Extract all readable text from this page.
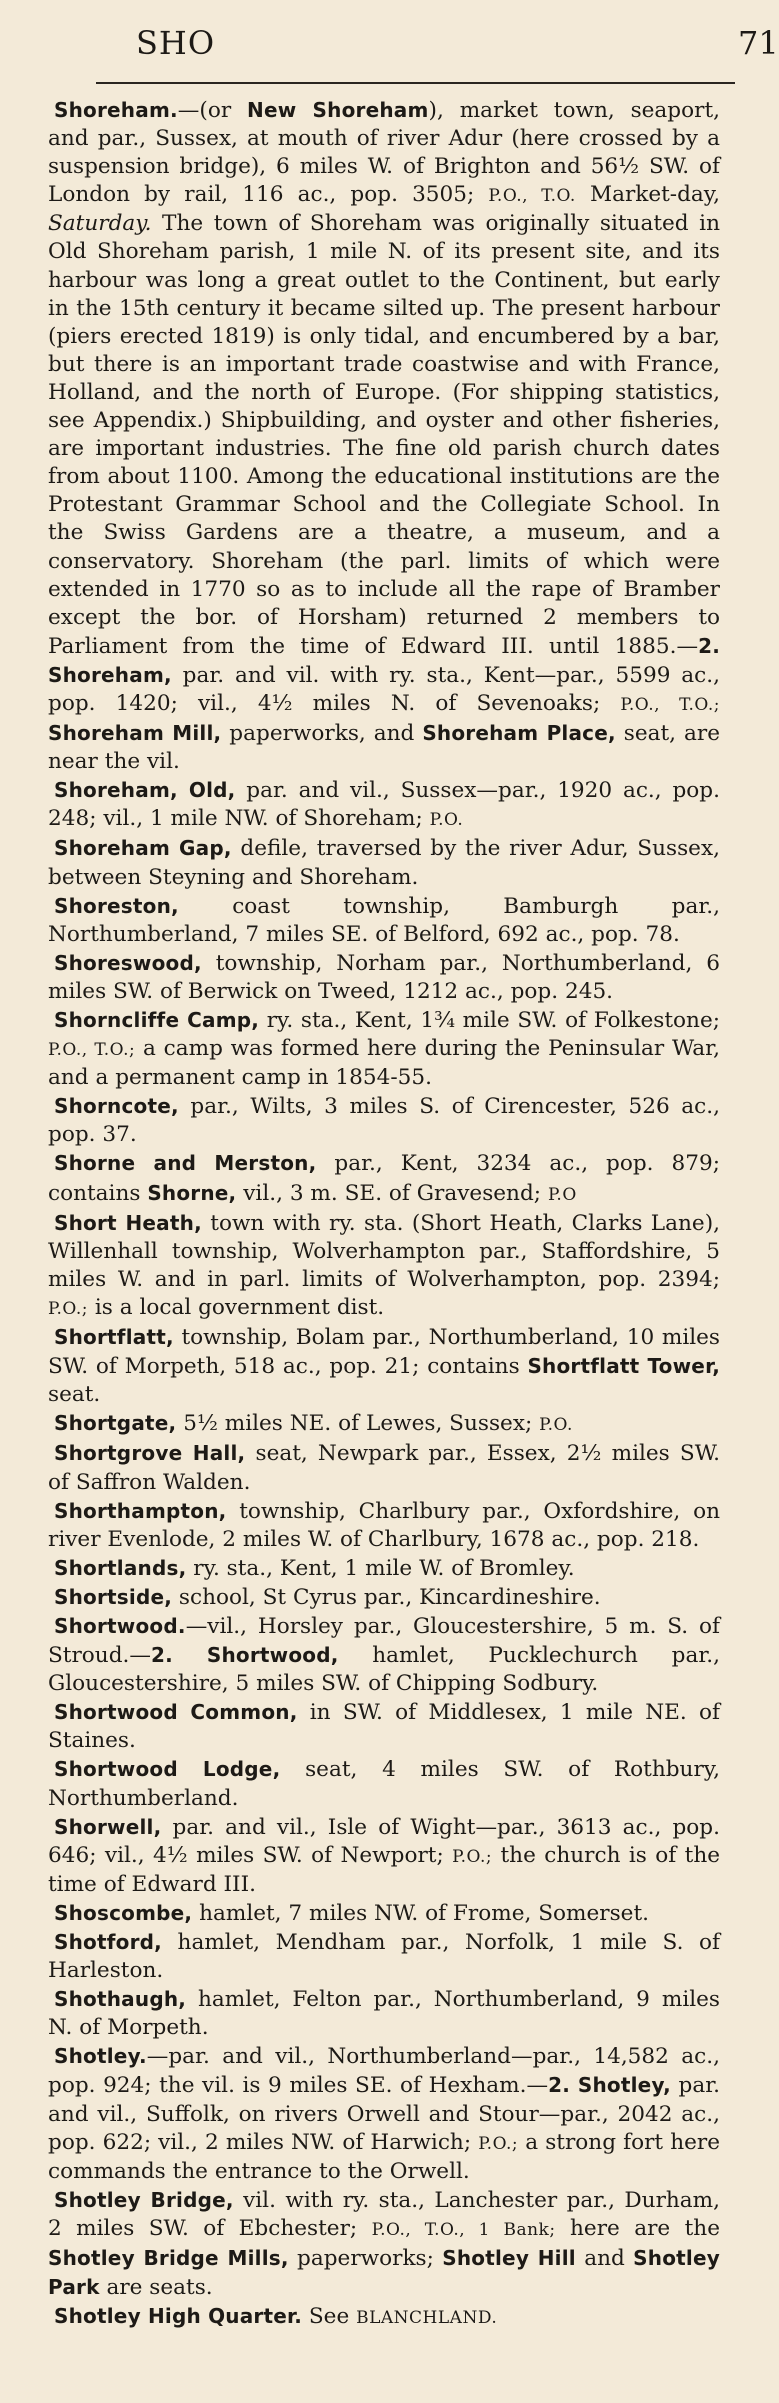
SHO	71

Shoreham.—(or New Shoreham), market town, seaport, and par., Sussex, at mouth of river Adur (here crossed by a suspension bridge), 6 miles W. of Brighton and 56½ SW. of London by rail, 116 ac., pop. 3505; P.O., T.O. Market-day, Saturday. The town of Shoreham was originally situated in Old Shoreham parish, 1 mile N. of its present site, and its harbour was long a great outlet to the Continent, but early in the 15th century it became silted up. The present harbour (piers erected 1819) is only tidal, and encumbered by a bar, but there is an important trade coastwise and with France, Holland, and the north of Europe. (For shipping statistics, see Appendix.) Shipbuilding, and oyster and other fisheries, are important industries. The fine old parish church dates from about 1100. Among the educational institutions are the Protestant Grammar School and the Collegiate School. In the Swiss Gardens are a theatre, a museum, and a conservatory. Shoreham (the parl. limits of which were extended in 1770 so as to include all the rape of Bramber except the bor. of Horsham) returned 2 members to Parliament from the time of Edward III. until 1885.—2. Shoreham, par. and vil. with ry. sta., Kent—par., 5599 ac., pop. 1420; vil., 4½ miles N. of Sevenoaks; P.O., T.O.; Shoreham Mill, paperworks, and Shoreham Place, seat, are near the vil.

Shoreham, Old, par. and vil., Sussex—par., 1920 ac., pop. 248; vil., 1 mile NW. of Shoreham; P.O.

Shoreham Gap, defile, traversed by the river Adur, Sussex, between Steyning and Shoreham.

Shoreston, coast township, Bamburgh par., Northumberland, 7 miles SE. of Belford, 692 ac., pop. 78.

Shoreswood, township, Norham par., Northumberland, 6 miles SW. of Berwick on Tweed, 1212 ac., pop. 245.

Shorncliffe Camp, ry. sta., Kent, 1¾ mile SW. of Folkestone; P.O., T.O.; a camp was formed here during the Peninsular War, and a permanent camp in 1854-55.

Shorncote, par., Wilts, 3 miles S. of Cirencester, 526 ac., pop. 37.

Shorne and Merston, par., Kent, 3234 ac., pop. 879; contains Shorne, vil., 3 m. SE. of Gravesend; P.O

Short Heath, town with ry. sta. (Short Heath, Clarks Lane), Willenhall township, Wolverhampton par., Staffordshire, 5 miles W. and in parl. limits of Wolverhampton, pop. 2394; P.O.; is a local government dist.

Shortflatt, township, Bolam par., Northumberland, 10 miles SW. of Morpeth, 518 ac., pop. 21; contains Shortflatt Tower, seat.

Shortgate, 5½ miles NE. of Lewes, Sussex; P.O.

Shortgrove Hall, seat, Newpark par., Essex, 2½ miles SW. of Saffron Walden.

Shorthampton, township, Charlbury par., Oxfordshire, on river Evenlode, 2 miles W. of Charlbury, 1678 ac., pop. 218.

Shortlands, ry. sta., Kent, 1 mile W. of Bromley.

Shortside, school, St Cyrus par., Kincardineshire.

Shortwood.—vil., Horsley par., Gloucestershire, 5 m. S. of Stroud.—2. Shortwood, hamlet, Pucklechurch par., Gloucestershire, 5 miles SW. of Chipping Sodbury.

Shortwood Common, in SW. of Middlesex, 1 mile NE. of Staines.

Shortwood Lodge, seat, 4 miles SW. of Rothbury, Northumberland.

Shorwell, par. and vil., Isle of Wight—par., 3613 ac., pop. 646; vil., 4½ miles SW. of Newport; P.O.; the church is of the time of Edward III.

Shoscombe, hamlet, 7 miles NW. of Frome, Somerset.

Shotford, hamlet, Mendham par., Norfolk, 1 mile S. of Harleston.

Shothaugh, hamlet, Felton par., Northumberland, 9 miles N. of Morpeth.

Shotley.—par. and vil., Northumberland—par., 14,582 ac., pop. 924; the vil. is 9 miles SE. of Hexham.—2. Shotley, par. and vil., Suffolk, on rivers Orwell and Stour—par., 2042 ac., pop. 622; vil., 2 miles NW. of Harwich; P.O.; a strong fort here commands the entrance to the Orwell.

Shotley Bridge, vil. with ry. sta., Lanchester par., Durham, 2 miles SW. of Ebchester; P.O., T.O., 1 Bank; here are the Shotley Bridge Mills, paperworks; Shotley Hill and Shotley Park are seats.

Shotley High Quarter. See BLANCHLAND.
